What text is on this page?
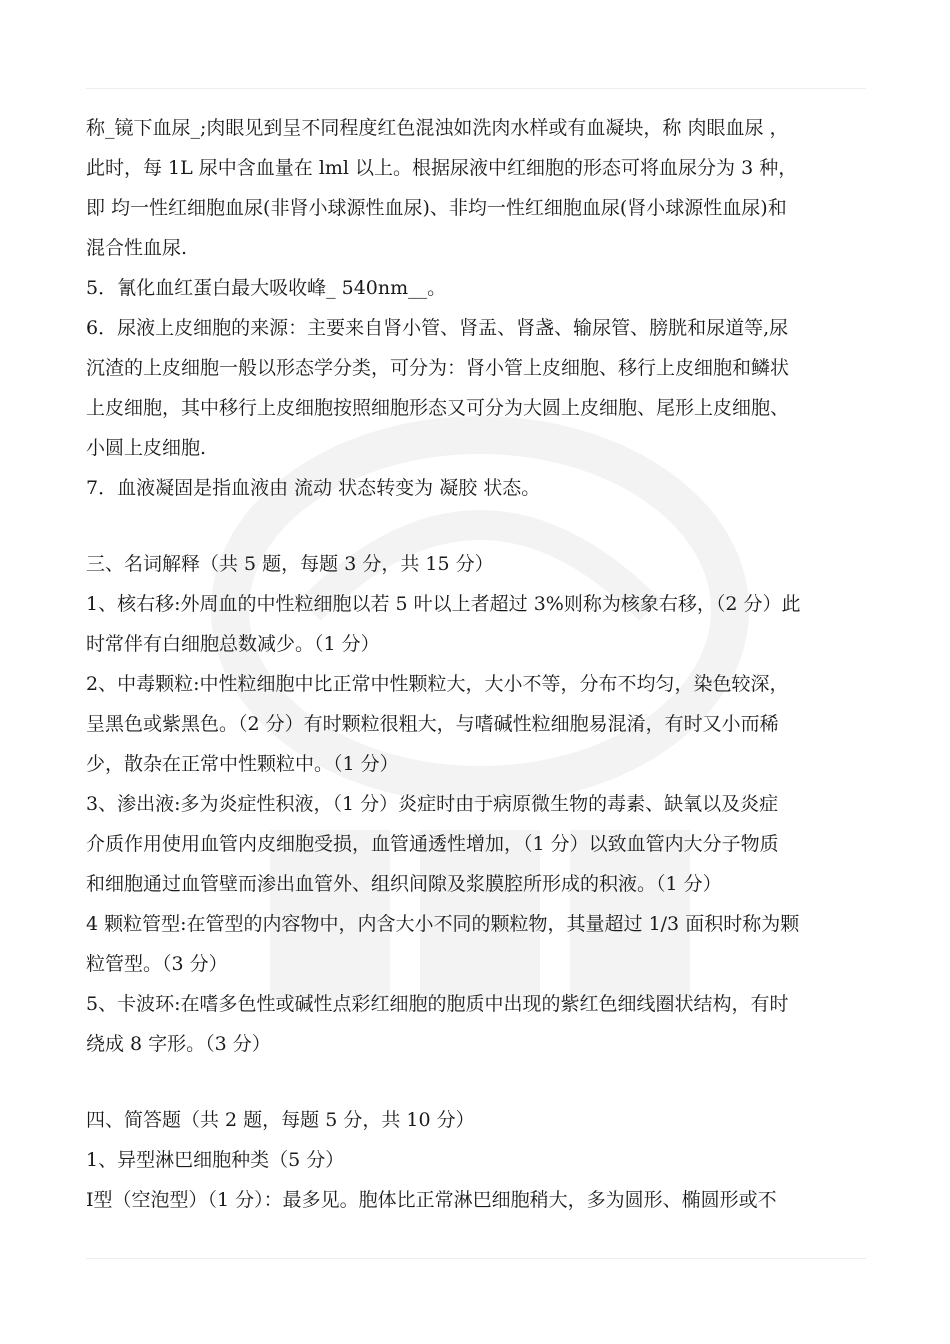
称_镜下血尿_;肉眼见到呈不同程度红色混浊如洗肉水样或有血凝块，称 肉眼血尿 ，
此时，每 1L 尿中含血量在 lml 以上。根据尿液中红细胞的形态可将血尿分为 3 种，
即 均一性红细胞血尿(非肾小球源性血尿)、非均一性红细胞血尿(肾小球源性血尿)和
混合性血尿.
5．氰化血红蛋白最大吸收峰_ 540nm__。
6．尿液上皮细胞的来源：主要来自肾小管、肾盂、肾盏、输尿管、膀胱和尿道等,尿
沉渣的上皮细胞一般以形态学分类，可分为：肾小管上皮细胞、移行上皮细胞和鳞状
上皮细胞，其中移行上皮细胞按照细胞形态又可分为大圆上皮细胞、尾形上皮细胞、
小圆上皮细胞.
7．血液凝固是指血液由 流动 状态转变为 凝胶 状态。
三、名词解释（共 5 题，每题 3 分，共 15 分）
1、核右移:外周血的中性粒细胞以若 5 叶以上者超过 3%则称为核象右移，（2 分）此
时常伴有白细胞总数减少。（1 分）
2、中毒颗粒:中性粒细胞中比正常中性颗粒大，大小不等，分布不均匀，染色较深，
呈黑色或紫黑色。（2 分）有时颗粒很粗大，与嗜碱性粒细胞易混淆，有时又小而稀
少，散杂在正常中性颗粒中。（1 分）
3、渗出液:多为炎症性积液，（1 分）炎症时由于病原微生物的毒素、缺氧以及炎症
介质作用使用血管内皮细胞受损，血管通透性增加，（1 分）以致血管内大分子物质
和细胞通过血管壁而渗出血管外、组织间隙及浆膜腔所形成的积液。（1 分）
4 颗粒管型:在管型的内容物中，内含大小不同的颗粒物，其量超过 1/3 面积时称为颗
粒管型。（3 分）
5、卡波环:在嗜多色性或碱性点彩红细胞的胞质中出现的紫红色细线圈状结构，有时
绕成 8 字形。（3 分）
四、简答题（共 2 题，每题 5 分，共 10 分）
1、异型淋巴细胞种类（5 分）
I型（空泡型）（1 分）：最多见。胞体比正常淋巴细胞稍大，多为圆形、椭圆形或不
